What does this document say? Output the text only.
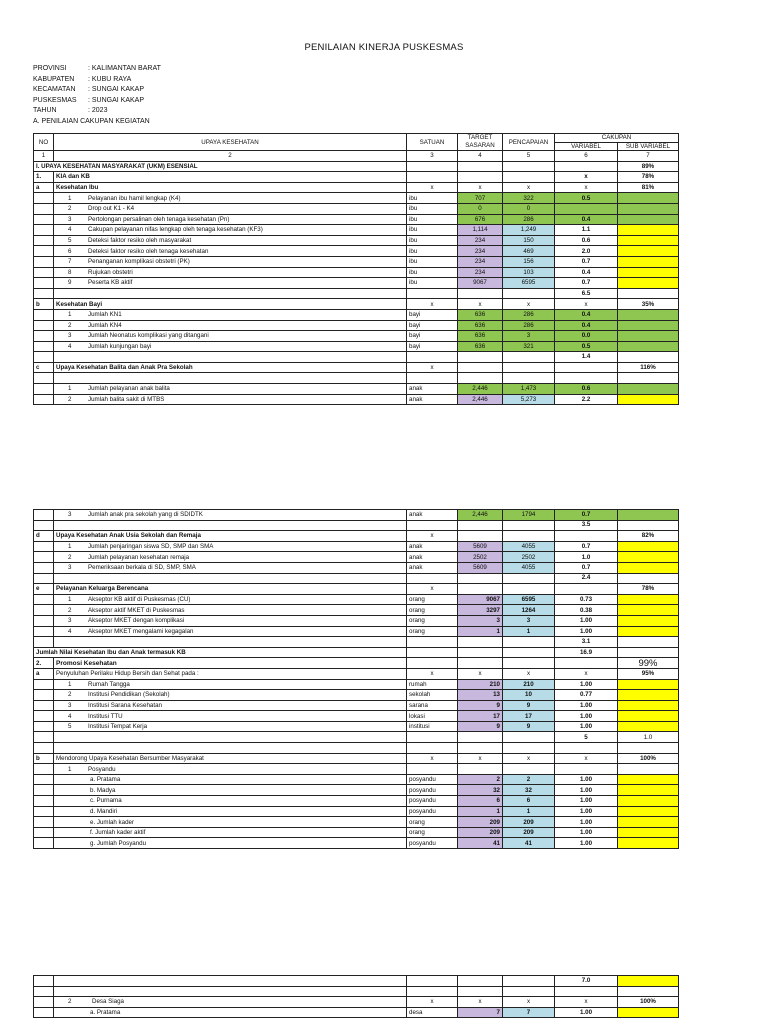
PENILAIAN KINERJA PUSKESMAS
PROVINSI	: KALIMANTAN BARAT
KABUPATEN : KUBU RAYA
KECAMATAN : SUNGAI KAKAP
PUSKESMAS : SUNGAI KAKAP
TAHUN	: 2023
A. PENILAIAN CAKUPAN KEGIATAN
NO	UPAYA KESEHATAN	SATUAN	TARGET SASARAN	PENCAPAIAN	CAKUPAN	
					VARIABEL	SUB VARIABEL
1	2	3	4	5	6	7
I. UPAYA KESEHATAN MASYARAKAT (UKM) ESENSIAL						89%
1.	KIA dan KB				x	78%
a	Kesehatan Ibu	x	x	x	x	81%
	1 Pelayanan ibu hamil lengkap (K4)	ibu	707	322	0.5	
	2 Drop out K1 - K4	ibu	0	0		
	3 Pertolongan persalinan oleh tenaga kesehatan (Pn)	ibu	676	286	0.4	
	4 Cakupan pelayanan nifas lengkap oleh tenaga kesehatan (KF3)	ibu	1,114	1,249	1.1	
	5 Deteksi faktor resiko oleh masyarakat	ibu	234	150	0.6	
	6 Deteksi faktor resiko oleh tenaga kesehatan	ibu	234	469	2.0	
	7 Penanganan komplikasi obstetri (PK)	ibu	234	156	0.7	
	8 Rujukan obstetri	ibu	234	103	0.4	
	9 Peserta KB aktif	ibu	9067	6595	0.7	
					6.5	
b	Kesehatan Bayi	x	x	x	x	35%
	1 Jumlah KN1	bayi	636	286	0.4	
	2 Jumlah KN4	bayi	636	286	0.4	
	3 Jumlah Neonatus komplikasi yang ditangani	bayi	636	3	0.0	
	4 Jumlah kunjungan bayi	bayi	636	321	0.5	
					1.4	
c	Upaya Kesehatan Balita dan Anak Pra Sekolah	x				116%

	1 Jumlah pelayanan anak balita	anak	2,446	1,473	0.6	
	2 Jumlah balita sakit di MTBS	anak	2,446	5,273	2.2	
	3 Jumlah anak pra sekolah yang di SDIDTK	anak	2,446	1794	0.7	
					3.5	
d	Upaya Kesehatan Anak Usia Sekolah dan Remaja	x				82%
	1 Jumlah penjaringan siswa SD, SMP dan SMA	anak	5609	4055	0.7	
	2 Jumlah pelayanan kesehatan remaja	anak	2502	2502	1.0	
	3 Pemeriksaan berkala di SD, SMP, SMA	anak	5609	4055	0.7	
					2.4	
e	Pelayanan Keluarga Berencana	x				78%
	1 Akseptor KB aktif di Puskesmas (CU)	orang	9067	6595	0.73	
	2 Akseptor aktif MKET di Puskesmas	orang	3297	1264	0.38	
	3 Akseptor MKET dengan komplikasi	orang	3	3	1.00	
	4 Akseptor MKET mengalami kegagalan	orang	1	1	1.00	
					3.1	
Jumlah Nilai Kesehatan Ibu dan Anak termasuk KB					16.9	
2.	Promosi Kesehatan					99%
a	Penyuluhan Perilaku Hidup Bersih dan Sehat pada :	x	x	x	x	95%
	1 Rumah Tangga	rumah	210	210	1.00	
	2 Institusi Pendidikan (Sekolah)	sekolah	13	10	0.77	
	3 Institusi Sarana Kesehatan	sarana	9	9	1.00	
	4 Institusi TTU	lokasi	17	17	1.00	
	5 Institusi Tempat Kerja	institusi	9	9	1.00	
					5	1.0

b	Mendorong Upaya Kesehatan Bersumber Masyarakat	x	x	x	x	100%
	1 Posyandu					
	a. Pratama	posyandu	2	2	1.00	
	b. Madya	posyandu	32	32	1.00	
	c. Purnama	posyandu	6	6	1.00	
	d. Mandiri	posyandu	1	1	1.00	
	e. Jumlah kader	orang	209	209	1.00	
	f. Jumlah kader aktif	orang	209	209	1.00	
	g. Jumlah Posyandu	posyandu	41	41	1.00	
					7.0	

	2 Desa Siaga	x	x	x	x	100%
	a. Pratama	desa	7	7	1.00	
